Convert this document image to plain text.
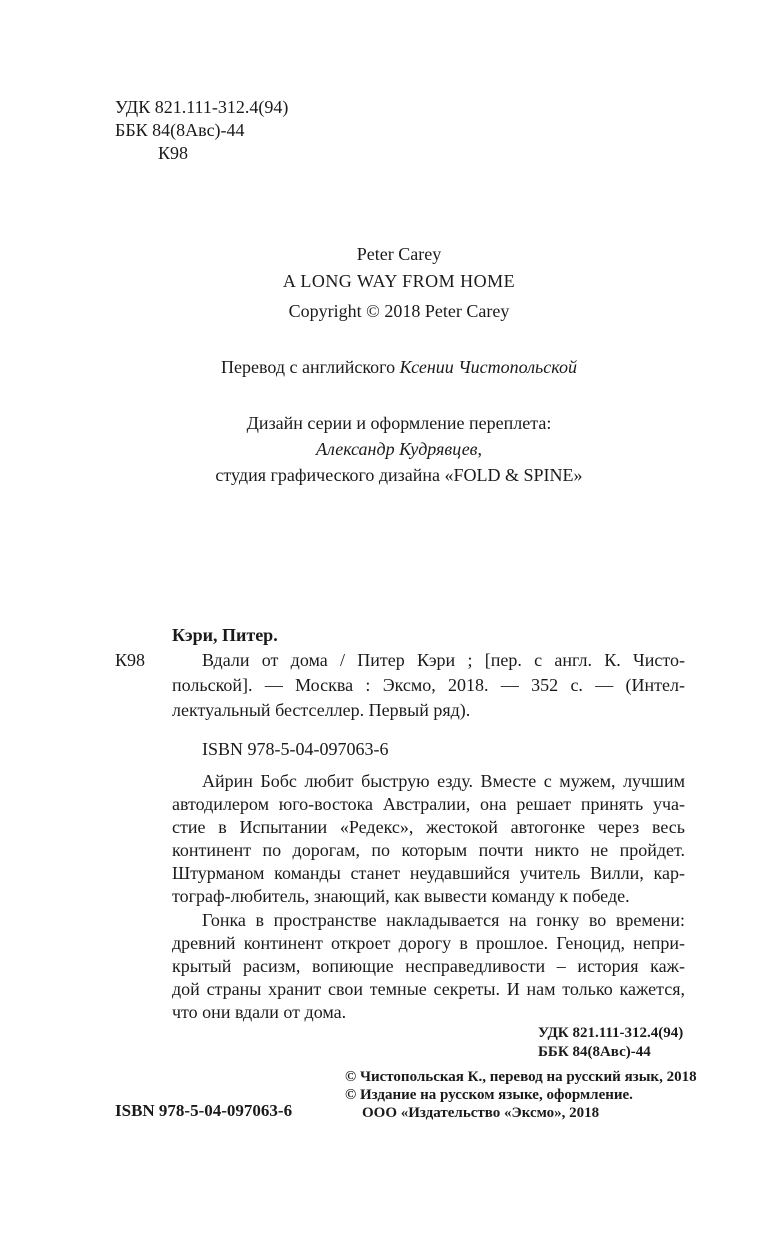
УДК 821.111-312.4(94)
ББК 84(8Авс)-44
К98
Peter Carey
A LONG WAY FROM HOME
Copyright © 2018 Peter Carey
Перевод с английского Ксении Чистопольской
Дизайн серии и оформление переплета:
Александр Кудрявцев,
студия графического дизайна «FOLD & SPINE»
Кэри, Питер.
К98	Вдали от дома / Питер Кэри ; [пер. с англ. К. Чисто-
польской]. — Москва : Эксмо, 2018. — 352 с. — (Интел-
лектуальный бестселлер. Первый ряд).
ISBN 978-5-04-097063-6
Айрин Бобс любит быструю езду. Вместе с мужем, лучшим
автодилером юго-востока Австралии, она решает принять уча-
стие в Испытании «Редекс», жестокой автогонке через весь
континент по дорогам, по которым почти никто не пройдет.
Штурманом команды станет неудавшийся учитель Вилли, кар-
тограф-любитель, знающий, как вывести команду к победе.
Гонка в пространстве накладывается на гонку во времени:
древний континент откроет дорогу в прошлое. Геноцид, непри-
крытый расизм, вопиющие несправедливости – история каж-
дой страны хранит свои темные секреты. И нам только кажется,
что они вдали от дома.
УДК 821.111-312.4(94)
ББК 84(8Авс)-44
© Чистопольская К., перевод на русский язык, 2018
© Издание на русском языке, оформление.
ISBN 978-5-04-097063-6	ООО «Издательство «Эксмо», 2018
